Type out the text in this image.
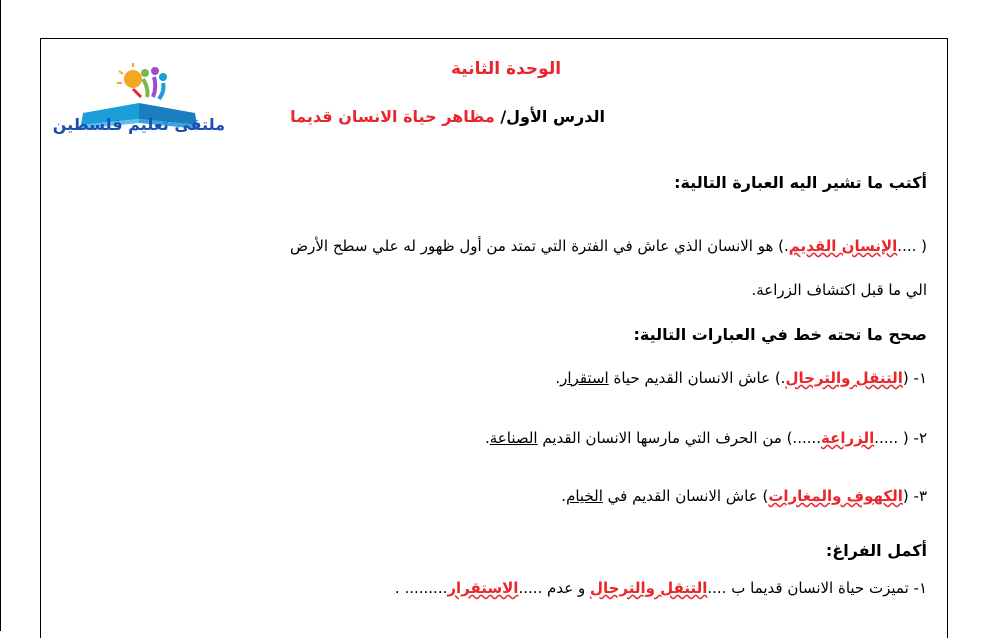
ملتقى تعليم فلسطين
الوحدة الثانية
الدرس الأول/ مظاهر حياة الانسان قديما
أكتب ما تشير اليه العبارة التالية:
( ....الإنسان القديم.) هو الانسان الذي عاش في الفترة التي تمتد من أول ظهور له علي سطح الأرض
الي ما قبل اكتشاف الزراعة.
صحح ما تحته خط في العبارات التالية:
١- (التنقل والترحال.) عاش الانسان القديم حياة استقرار.
٢- ( .....الزراعة......) من الحرف التي مارسها الانسان القديم الصناعة.
٣- (الكهوف والمغارات) عاش الانسان القديم في الخيام.
أكمل الفراغ:
١- تميزت حياة الانسان قديما ب ....التنقل والترحال و عدم .....الاستقرار......... .
